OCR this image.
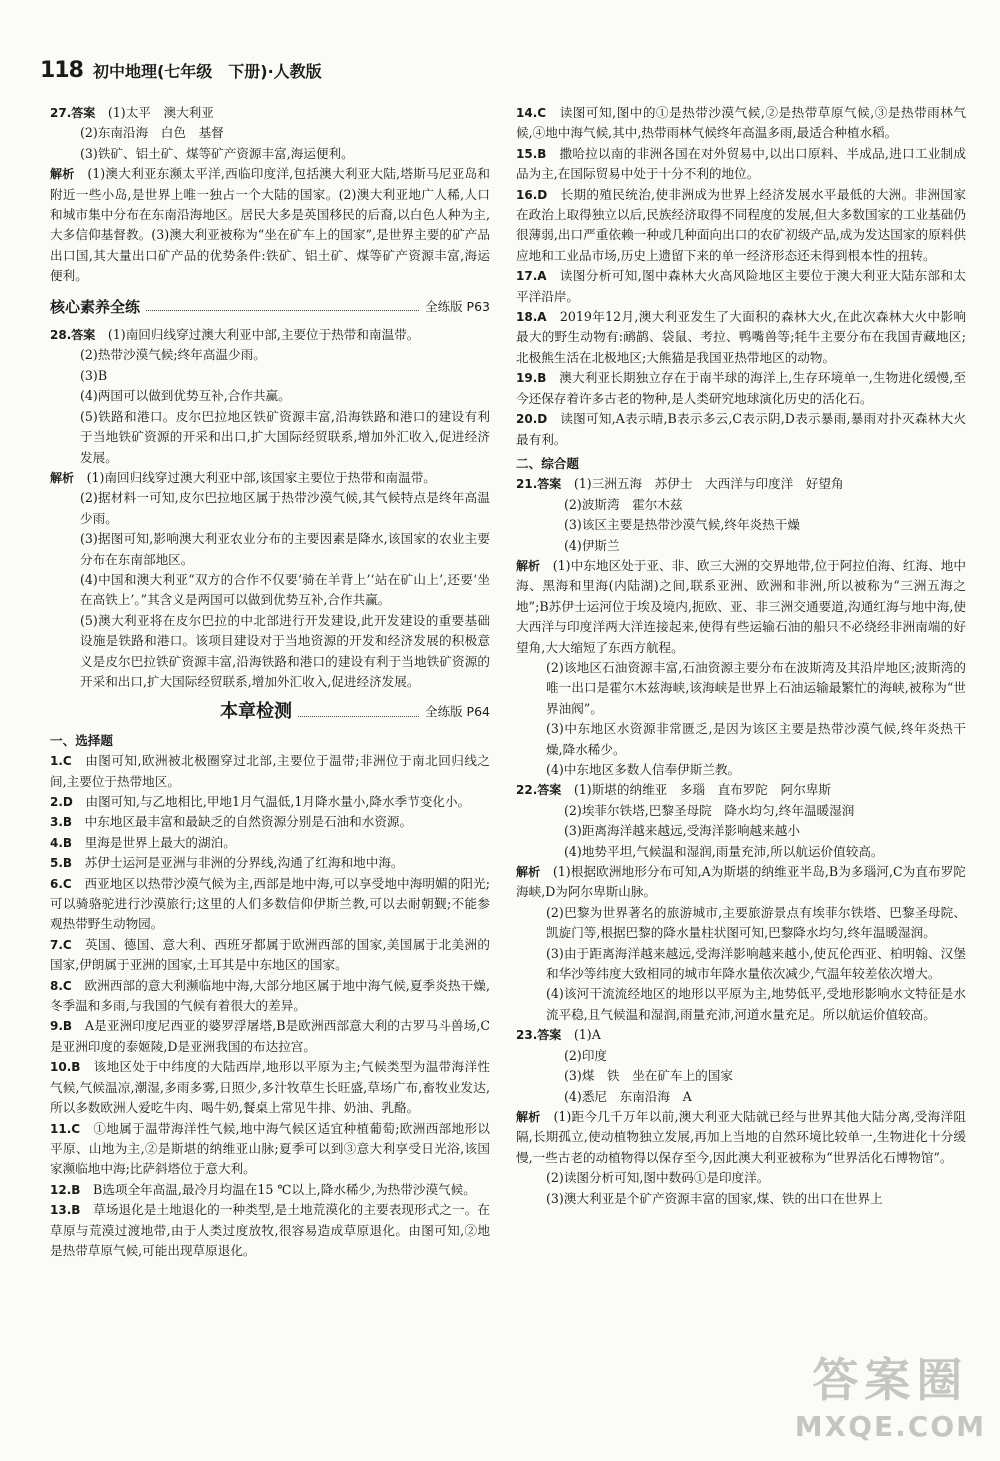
118 初中地理(七年级　下册)·人教版

27.答案　 (1)太平　澳大利亚

(2)东南沿海　白色　基督

(3)铁矿、铝土矿、煤等矿产资源丰富,海运便利。

解析　 (1)澳大利亚东濒太平洋,西临印度洋,包括澳大利亚大陆,塔斯马尼亚岛和附近一些小岛,是世界上唯一独占一个大陆的国家。(2)澳大利亚地广人稀,人口和城市集中分布在东南沿海地区。居民大多是英国移民的后裔,以白色人种为主,大多信仰基督教。(3)澳大利亚被称为“坐在矿车上的国家”,是世界主要的矿产品出口国,其大量出口矿产品的优势条件:铁矿、铝土矿、煤等矿产资源丰富,海运便利。

核心素养全练	全练版 P63

28.答案　 (1)南回归线穿过澳大利亚中部,主要位于热带和南温带。

(2)热带沙漠气候;终年高温少雨。

(3)B

(4)两国可以做到优势互补,合作共赢。

(5)铁路和港口。皮尔巴拉地区铁矿资源丰富,沿海铁路和港口的建设有利于当地铁矿资源的开采和出口,扩大国际经贸联系,增加外汇收入,促进经济发展。

解析　 (1)南回归线穿过澳大利亚中部,该国家主要位于热带和南温带。

(2)据材料一可知,皮尔巴拉地区属于热带沙漠气候,其气候特点是终年高温少雨。

(3)据图可知,影响澳大利亚农业分布的主要因素是降水,该国家的农业主要分布在东南部地区。

(4)中国和澳大利亚“双方的合作不仅要‘骑在羊背上’‘站在矿山上’,还要‘坐在高铁上’。”其含义是两国可以做到优势互补,合作共赢。

(5)澳大利亚将在皮尔巴拉的中北部进行开发建设,此开发建设的重要基础设施是铁路和港口。该项目建设对于当地资源的开发和经济发展的积极意义是皮尔巴拉铁矿资源丰富,沿海铁路和港口的建设有利于当地铁矿资源的开采和出口,扩大国际经贸联系,增加外汇收入,促进经济发展。

本章检测	全练版 P64

一、选择题

1.C　 由图可知,欧洲被北极圈穿过北部,主要位于温带;非洲位于南北回归线之间,主要位于热带地区。

2.D　 由图可知,与乙地相比,甲地1月气温低,1月降水量小,降水季节变化小。

3.B　 中东地区最丰富和最缺乏的自然资源分别是石油和水资源。

4.B　 里海是世界上最大的湖泊。

5.B　 苏伊士运河是亚洲与非洲的分界线,沟通了红海和地中海。

6.C　 西亚地区以热带沙漠气候为主,西部是地中海,可以享受地中海明媚的阳光;可以骑骆驼进行沙漠旅行;这里的人们多数信仰伊斯兰教,可以去耐朝觐;不能参观热带野生动物园。

7.C　 英国、德国、意大利、西班牙都属于欧洲西部的国家,美国属于北美洲的国家,伊朗属于亚洲的国家,土耳其是中东地区的国家。

8.C　 欧洲西部的意大利濒临地中海,大部分地区属于地中海气候,夏季炎热干燥,冬季温和多雨,与我国的气候有着很大的差异。

9.B　 A是亚洲印度尼西亚的婆罗浮屠塔,B是欧洲西部意大利的古罗马斗兽场,C是亚洲印度的泰姬陵,D是亚洲我国的布达拉宫。

10.B　 该地区处于中纬度的大陆西岸,地形以平原为主;气候类型为温带海洋性气候,气候温凉,潮湿,多雨多雾,日照少,多汁牧草生长旺盛,草场广布,畜牧业发达,所以多数欧洲人爱吃牛肉、喝牛奶,餐桌上常见牛排、奶油、乳酪。

11.C　 ①地属于温带海洋性气候,地中海气候区适宜种植葡萄;欧洲西部地形以平原、山地为主,②是斯堪的纳维亚山脉;夏季可以到③意大利享受日光浴,该国家濒临地中海;比萨斜塔位于意大利。

12.B　 B选项全年高温,最冷月均温在15 ℃以上,降水稀少,为热带沙漠气候。

13.B　 草场退化是土地退化的一种类型,是土地荒漠化的主要表现形式之一。在草原与荒漠过渡地带,由于人类过度放牧,很容易造成草原退化。由图可知,②地是热带草原气候,可能出现草原退化。

14.C　 读图可知,图中的①是热带沙漠气候,②是热带草原气候,③是热带雨林气候,④地中海气候,其中,热带雨林气候终年高温多雨,最适合种植水稻。

15.B　 撒哈拉以南的非洲各国在对外贸易中,以出口原料、半成品,进口工业制成品为主,在国际贸易中处于十分不利的地位。

16.D　 长期的殖民统治,使非洲成为世界上经济发展水平最低的大洲。非洲国家在政治上取得独立以后,民族经济取得不同程度的发展,但大多数国家的工业基础仍很薄弱,出口严重依赖一种或几种面向出口的农矿初级产品,成为发达国家的原料供应地和工业品市场,历史上遗留下来的单一经济形态还未得到根本性的扭转。

17.A　 读图分析可知,图中森林大火高风险地区主要位于澳大利亚大陆东部和太平洋沿岸。

18.A　 2019年12月,澳大利亚发生了大面积的森林大火,在此次森林大火中影响最大的野生动物有:鸸鹋、袋鼠、考拉、鸭嘴兽等;牦牛主要分布在我国青藏地区;北极熊生活在北极地区;大熊猫是我国亚热带地区的动物。

19.B　 澳大利亚长期独立存在于南半球的海洋上,生存环境单一,生物进化缓慢,至今还保存着许多古老的物种,是人类研究地球演化历史的活化石。

20.D　 读图可知,A表示晴,B表示多云,C表示阴,D表示暴雨,暴雨对扑灭森林大火最有利。

二、综合题

21.答案　 (1)三洲五海　苏伊士　大西洋与印度洋　好望角

(2)波斯湾　霍尔木兹

(3)该区主要是热带沙漠气候,终年炎热干燥

(4)伊斯兰

解析　 (1)中东地区处于亚、非、欧三大洲的交界地带,位于阿拉伯海、红海、地中海、黑海和里海(内陆湖)之间,联系亚洲、欧洲和非洲,所以被称为“三洲五海之地”;B苏伊士运河位于埃及境内,扼欧、亚、非三洲交通要道,沟通红海与地中海,使大西洋与印度洋两大洋连接起来,使得有些运输石油的船只不必绕经非洲南端的好望角,大大缩短了东西方航程。

(2)该地区石油资源丰富,石油资源主要分布在波斯湾及其沿岸地区;波斯湾的唯一出口是霍尔木兹海峡,该海峡是世界上石油运输最繁忙的海峡,被称为“世界油阀”。

(3)中东地区水资源非常匮乏,是因为该区主要是热带沙漠气候,终年炎热干燥,降水稀少。

(4)中东地区多数人信奉伊斯兰教。

22.答案　 (1)斯堪的纳维亚　多瑙　直布罗陀　阿尔卑斯

(2)埃菲尔铁塔,巴黎圣母院　降水均匀,终年温暖湿润

(3)距离海洋越来越远,受海洋影响越来越小

(4)地势平坦,气候温和湿润,雨量充沛,所以航运价值较高。

解析　 (1)根据欧洲地形分布可知,A为斯堪的纳维亚半岛,B为多瑙河,C为直布罗陀海峡,D为阿尔卑斯山脉。

(2)巴黎为世界著名的旅游城市,主要旅游景点有埃菲尔铁塔、巴黎圣母院、凯旋门等,根据巴黎的降水量柱状图可知,巴黎降水均匀,终年温暖湿润。

(3)由于距离海洋越来越远,受海洋影响越来越小,使瓦伦西亚、柏明翰、汉堡和华沙等纬度大致相同的城市年降水量依次减少,气温年较差依次增大。

(4)该河干流流经地区的地形以平原为主,地势低平,受地形影响水文特征是水流平稳,且气候温和湿润,雨量充沛,河道水量充足。所以航运价值较高。

23.答案　 (1)A

(2)印度

(3)煤　铁　坐在矿车上的国家

(4)悉尼　东南沿海　A

解析　 (1)距今几千万年以前,澳大利亚大陆就已经与世界其他大陆分离,受海洋阻隔,长期孤立,使动植物独立发展,再加上当地的自然环境比较单一,生物进化十分缓慢,一些古老的动植物得以保存至今,因此澳大利亚被称为“世界活化石博物馆”。

(2)读图分析可知,图中数码①是印度洋。

(3)澳大利亚是个矿产资源丰富的国家,煤、铁的出口在世界上

答案圈
MXQE.COM
